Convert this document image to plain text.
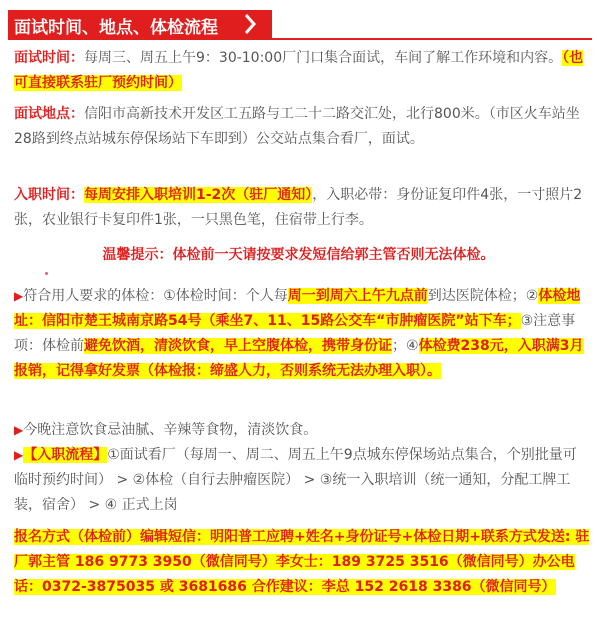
面试时间、地点、体检流程
面试时间：每周三、周五上午9：30-10:00厂门口集合面试，车间了解工作环境和内容。（也可直接联系驻厂预约时间）
面试地点：信阳市高新技术开发区工五路与工二十二路交汇处，北行800米。（市区火车站坐28路到终点站城东停保场站下车即到）公交站点集合看厂，面试。
入职时间：每周安排入职培训1-2次（驻厂通知），入职必带：身份证复印件4张，一寸照片2张，农业银行卡复印件1张，一只黑色笔，住宿带上行李。
温馨提示：体检前一天请按要求发短信给郭主管否则无法体检。
▶符合用人要求的体检：①体检时间：个人每周一到周六上午九点前到达医院体检；②体检地址：信阳市楚王城南京路54号（乘坐7、11、15路公交车“市肿瘤医院”站下车；③注意事项：体检前避免饮酒，清淡饮食，早上空腹体检，携带身份证；④体检费238元，入职满3月报销，记得拿好发票（体检报：缔盛人力，否则系统无法办理入职）。
▶今晚注意饮食忌油腻、辛辣等食物，清淡饮食。
▶【入职流程】①面试看厂（每周一、周二、周五上午9点城东停保场站点集合，个别批量可临时预约时间） > ②体检（自行去肿瘤医院） > ③统一入职培训（统一通知，分配工牌工装，宿舍） > ④ 正式上岗
报名方式（体检前）编辑短信：明阳普工应聘+姓名+身份证号+体检日期+联系方式发送: 驻厂郭主管 186 9773 3950（微信同号）李女士：189 3725 3516（微信同号）办公电话：0372-3875035 或 3681686 合作建议：李总 152 2618 3386（微信同号）
